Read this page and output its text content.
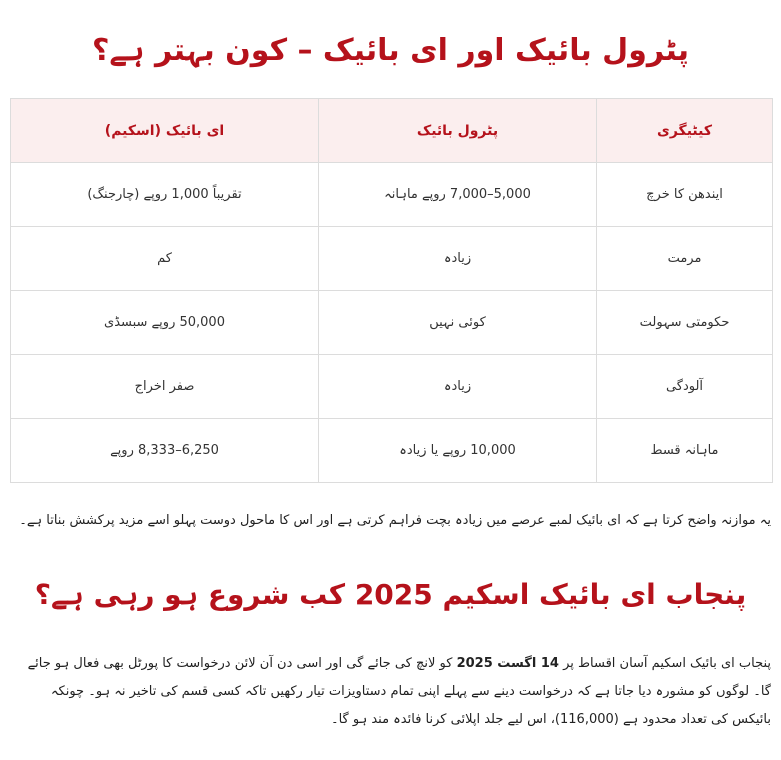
پٹرول بائیک اور ای بائیک – کون بہتر ہے؟
کیٹیگری	پٹرول بائیک	ای بائیک (اسکیم)
ایندھن کا خرچ	5,000–7,000 روپے ماہانہ	تقریباً 1,000 روپے (چارجنگ)
مرمت	زیادہ	کم
حکومتی سہولت	کوئی نہیں	50,000 روپے سبسڈی
آلودگی	زیادہ	صفر اخراج
ماہانہ قسط	10,000 روپے یا زیادہ	6,250–8,333 روپے

یہ موازنہ واضح کرتا ہے کہ ای بائیک لمبے عرصے میں زیادہ بچت فراہم کرتی ہے اور اس کا ماحول دوست پہلو اسے مزید پرکشش بناتا ہے۔

پنجاب ای بائیک اسکیم 2025 کب شروع ہو رہی ہے؟

پنجاب ای بائیک اسکیم آسان اقساط پر 14 اگست 2025 کو لانچ کی جائے گی اور اسی دن آن لائن درخواست کا پورٹل بھی فعال ہو جائے گا۔ لوگوں کو مشورہ دیا جاتا ہے کہ درخواست دینے سے پہلے اپنی تمام دستاویزات تیار رکھیں تاکہ کسی قسم کی تاخیر نہ ہو۔ چونکہ بائیکس کی تعداد محدود ہے (116,000)، اس لیے جلد اپلائی کرنا فائدہ مند ہو گا۔
